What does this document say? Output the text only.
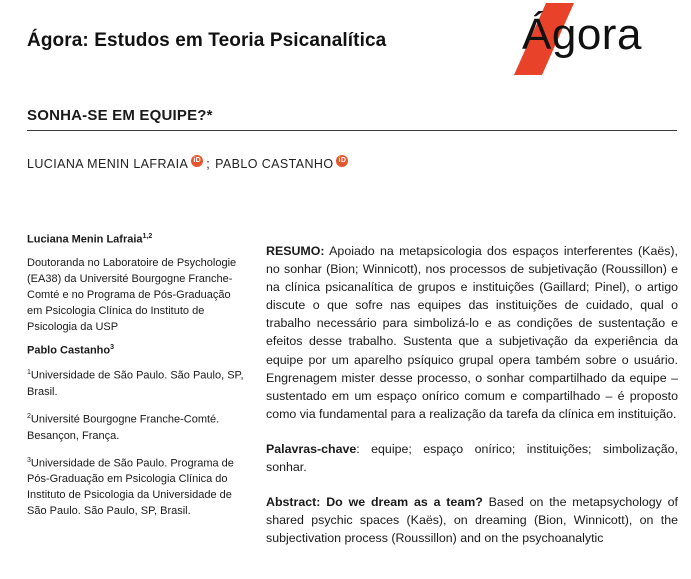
Ágora: Estudos em Teoria Psicanalítica	Ágora
SONHA-SE EM EQUIPE?*
LUCIANA MENIN LAFRAIA iD ; PABLO CASTANHO iD
Luciana Menin Lafraia$^{1,2}$
Doutoranda no Laboratoire de Psychologie (EA38) da Université Bourgogne Franche-Comté e no Programa de Pós-Graduação em Psicologia Clínica do Instituto de Psicologia da USP
Pablo Castanho$^3$
$^1$Universidade de São Paulo. São Paulo, SP, Brasil.
$^2$Université Bourgogne Franche-Comté. Besançon, França.
$^3$Universidade de São Paulo. Programa de Pós-Graduação em Psicologia Clínica do Instituto de Psicologia da Universidade de São Paulo. São Paulo, SP, Brasil.

RESUMO: Apoiado na metapsicologia dos espaços interferentes (Kaës), no sonhar (Bion; Winnicott), nos processos de subjetivação (Roussillon) e na clínica psicanalítica de grupos e instituições (Gaillard; Pinel), o artigo discute o que sofre nas equipes das instituições de cuidado, qual o trabalho necessário para simbolizá-lo e as condições de sustentação e efeitos desse trabalho. Sustenta que a subjetivação da experiência da equipe por um aparelho psíquico grupal opera também sobre o usuário. Engrenagem mister desse processo, o sonhar compartilhado da equipe – sustentado em um espaço onírico comum e compartilhado – é proposto como via fundamental para a realização da tarefa da clínica em instituição.

Palavras-chave: equipe; espaço onírico; instituições; simbolização, sonhar.

Abstract: Do we dream as a team? Based on the metapsychology of shared psychic spaces (Kaës), on dreaming (Bion, Winnicott), on the subjectivation process (Roussillon) and on the psychoanalytic
